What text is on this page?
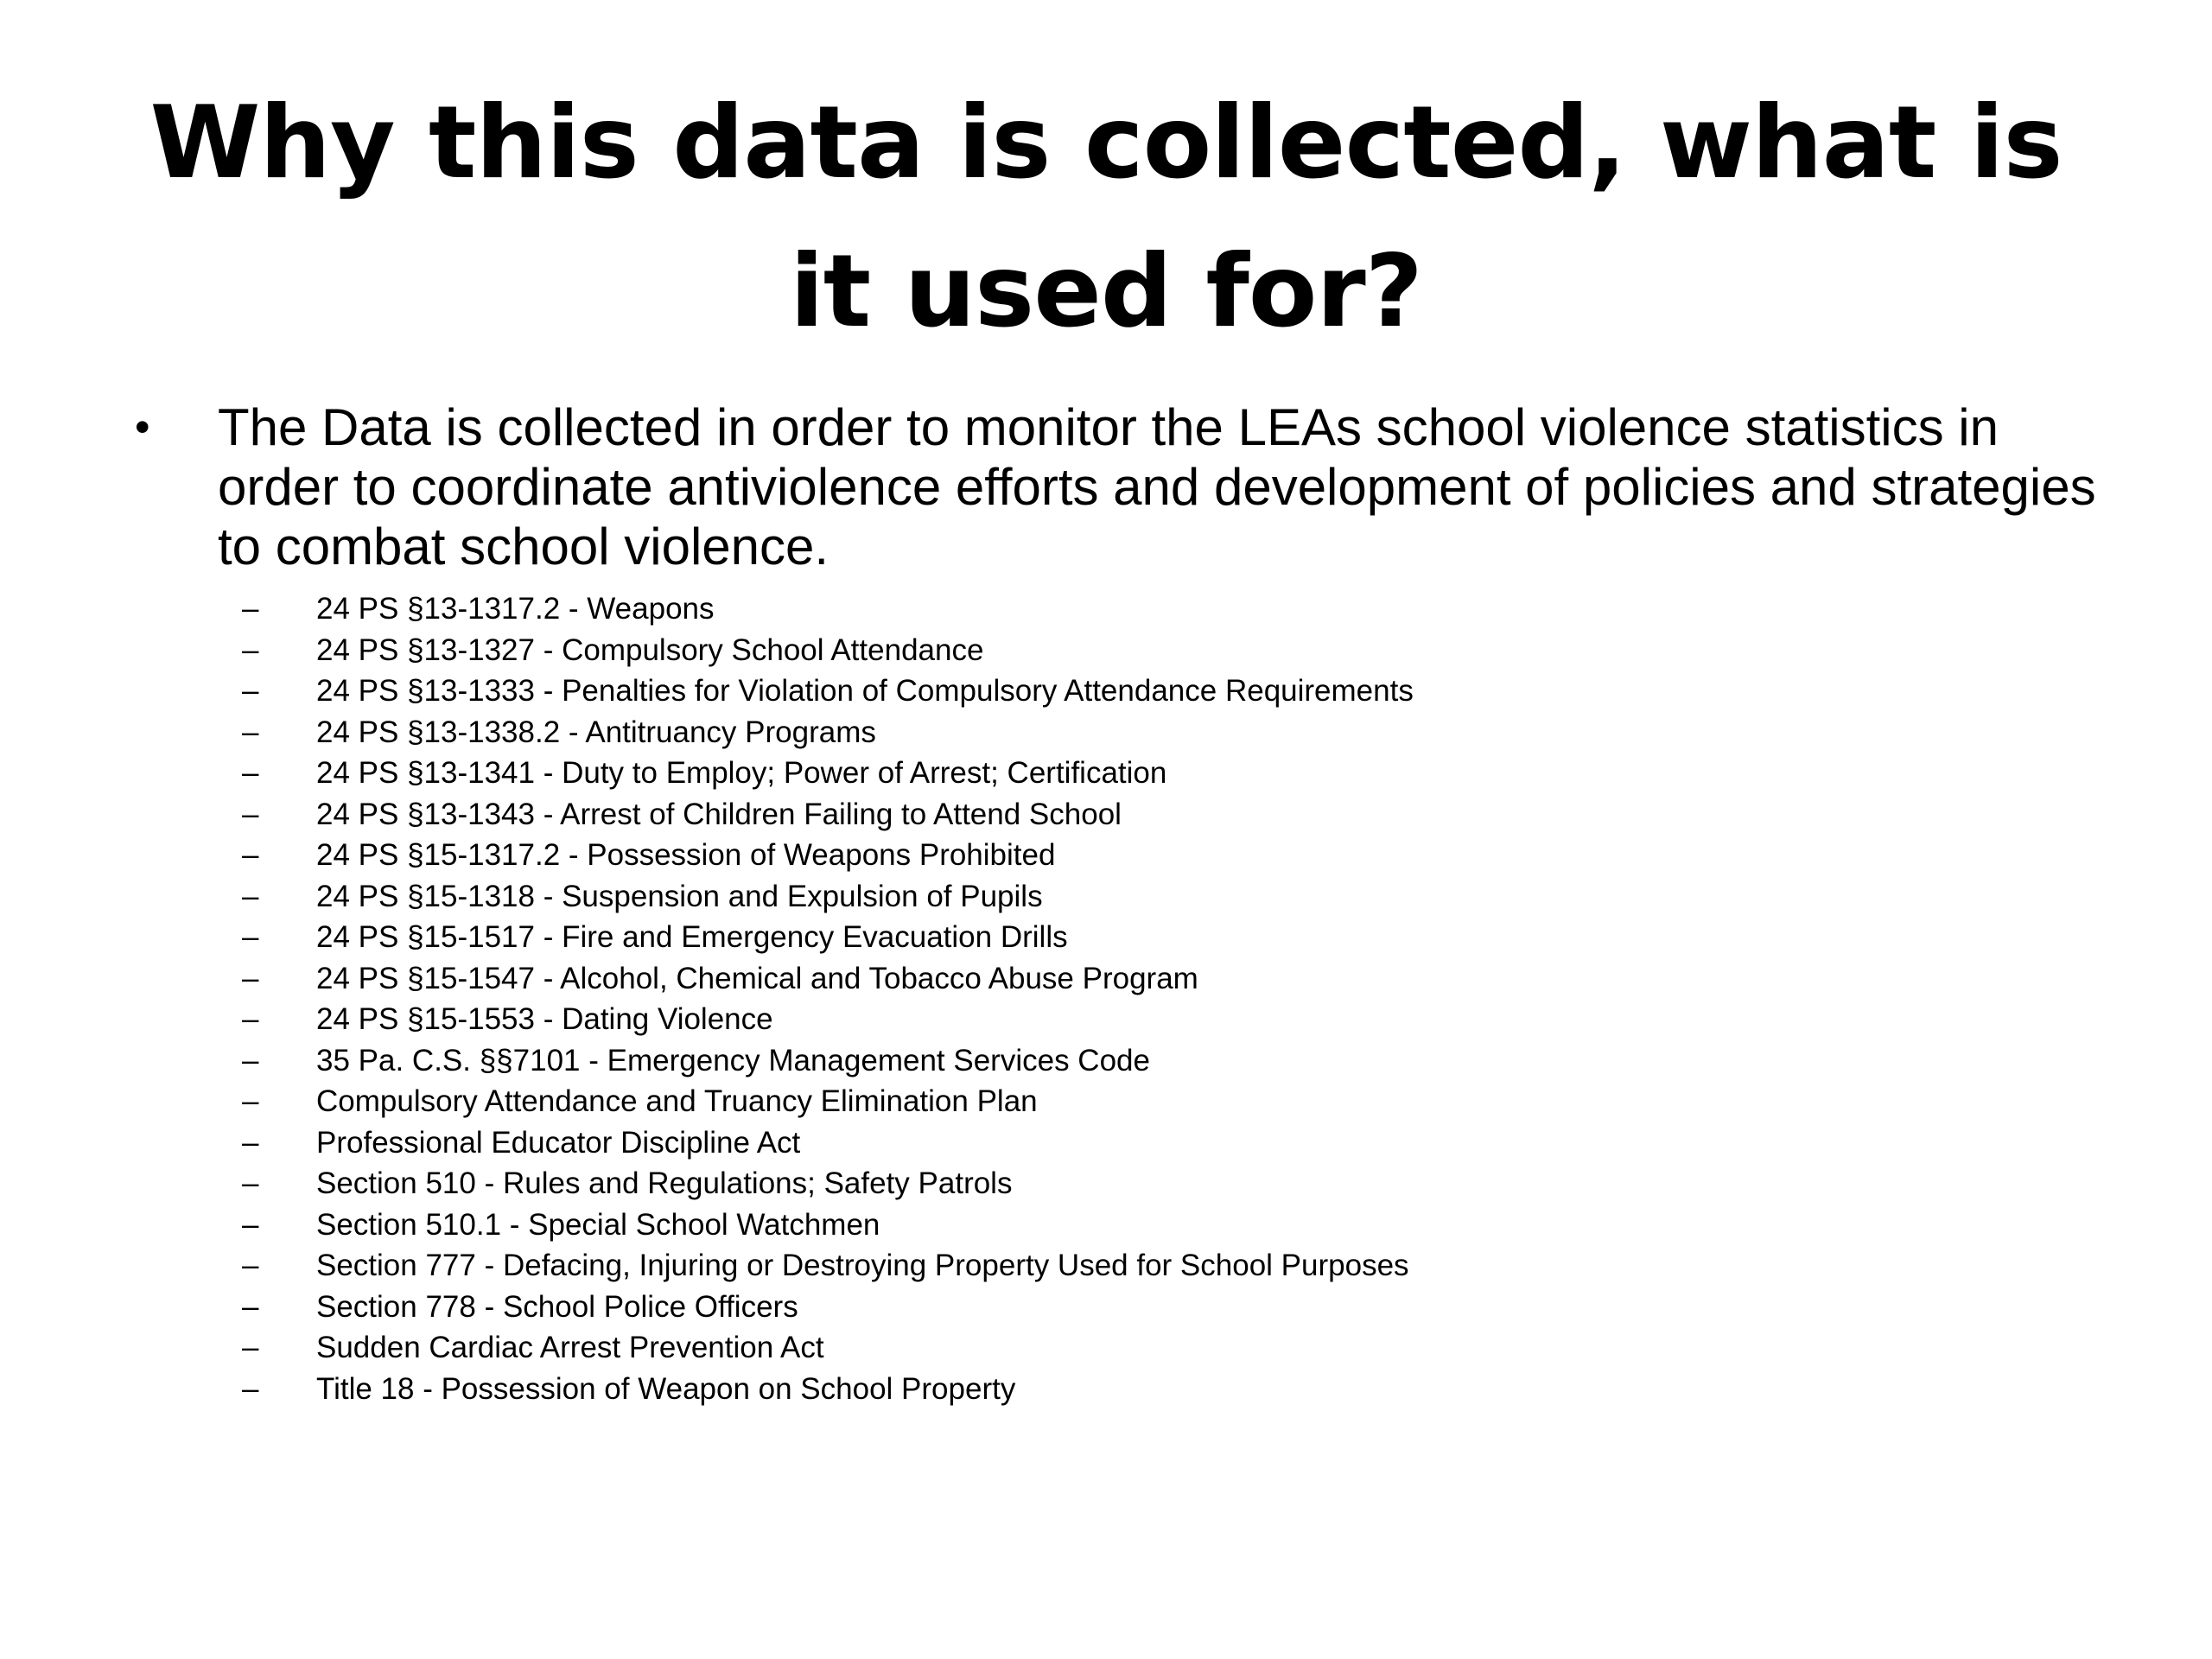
Why this data is collected, what is it used for?

• The Data is collected in order to monitor the LEAs school violence statistics in order to coordinate antiviolence efforts and development of policies and strategies to combat school violence.

– 24 PS §13-1317.2 - Weapons
– 24 PS §13-1327 - Compulsory School Attendance
– 24 PS §13-1333 - Penalties for Violation of Compulsory Attendance Requirements
– 24 PS §13-1338.2 - Antitruancy Programs
– 24 PS §13-1341 - Duty to Employ; Power of Arrest; Certification
– 24 PS §13-1343 - Arrest of Children Failing to Attend School
– 24 PS §15-1317.2 - Possession of Weapons Prohibited
– 24 PS §15-1318 - Suspension and Expulsion of Pupils
– 24 PS §15-1517 - Fire and Emergency Evacuation Drills
– 24 PS §15-1547 - Alcohol, Chemical and Tobacco Abuse Program
– 24 PS §15-1553 - Dating Violence
– 35 Pa. C.S. §§7101 - Emergency Management Services Code
– Compulsory Attendance and Truancy Elimination Plan
– Professional Educator Discipline Act
– Section 510 - Rules and Regulations; Safety Patrols
– Section 510.1 - Special School Watchmen
– Section 777 - Defacing, Injuring or Destroying Property Used for School Purposes
– Section 778 - School Police Officers
– Sudden Cardiac Arrest Prevention Act
– Title 18 - Possession of Weapon on School Property
